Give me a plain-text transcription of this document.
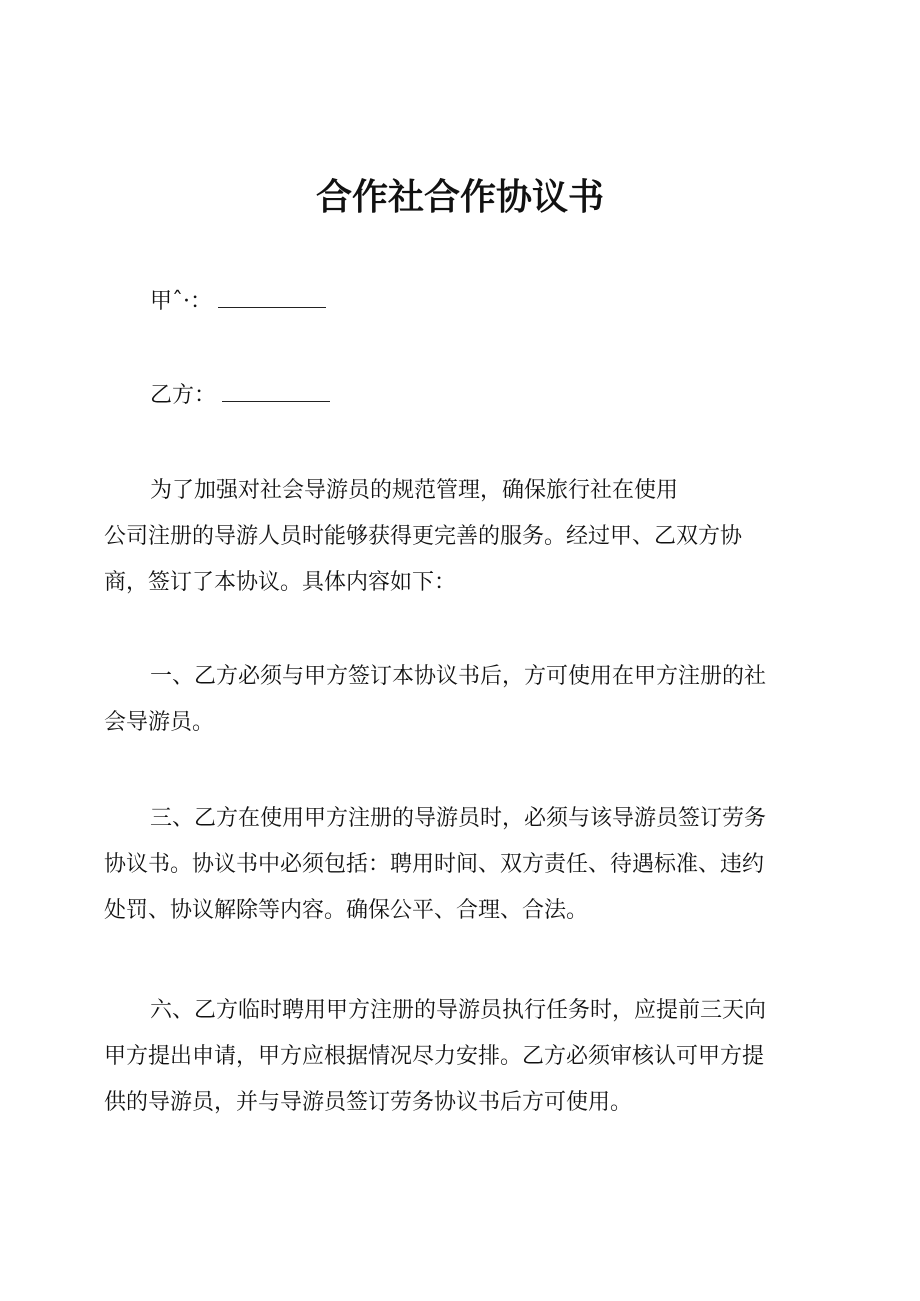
合作社合作协议书
甲ˆ·：
乙方：
为了加强对社会导游员的规范管理，确保旅行社在使用
公司注册的导游人员时能够获得更完善的服务。经过甲、乙双方协
商，签订了本协议。具体内容如下：
一、乙方必须与甲方签订本协议书后，方可使用在甲方注册的社
会导游员。
三、乙方在使用甲方注册的导游员时，必须与该导游员签订劳务
协议书。协议书中必须包括：聘用时间、双方责任、待遇标准、违约
处罚、协议解除等内容。确保公平、合理、合法。
六、乙方临时聘用甲方注册的导游员执行任务时，应提前三天向
甲方提出申请，甲方应根据情况尽力安排。乙方必须审核认可甲方提
供的导游员，并与导游员签订劳务协议书后方可使用。
